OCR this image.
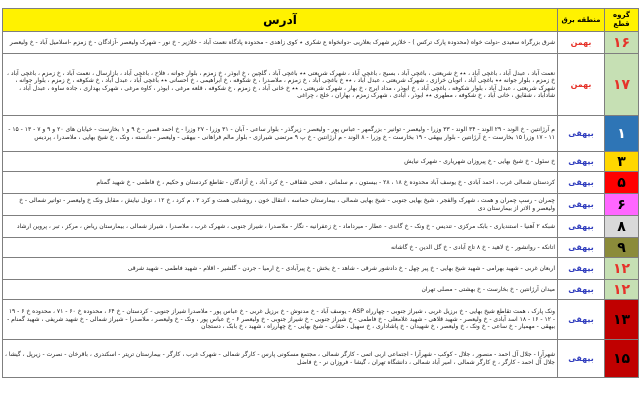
گروه قطع	منطقه برق	آدرس
۱۶	بهمن	شرق بزرگراه سعیدی -دولت خواه (محدوده پارک ترکس ) - خلازیر شهرک بعلاربی -دوانخواه ع شکری ٭ کوی زاهدی - محدوده پادگاه نعمت آباد - خلازیر - خ نور - شهرک ولیعصر -آزادگان - خ زمزم -اسلامیل آباد - خ ولیعصر
۱۷	بهمن	نعمت آباد ، عبدل آباد ، باغچی آباد ، ٭٭ خ شریعتی ، باغچی آباد ، بسیج ، باغچی آباد ، شهرک شریعتی ٭٭ باغچی آباد ، گلچین ، خ ابوذر ، خ زمزم ، بلوار جوانه ، فلاح ، باغچی آباد ، بازارسال ، نعمت آباد ، خ زمزم ، باغچی آباد ، خ زمزم ، بلوار جوانه ٭٭ باغچی آباد ، اتوبان خرازی ، شهرک شریعتی ، عبدل آباد ، ٭٭ خ باغچی آباد ، خ زمزم ، ملاصدرا ، خ شکوفه ، خ ابراهیمی ، خ احسانی ٭٭ باغچی آباد ، عبدل آباد ، خ شکوفه ، خ زمزم ، بلوار جوانه ، شهرک شریعتی ، عبدل آباد ، بلوار شکوفه ، باغچی آباد ، خ ابوذر ، مداد ایرج ، خ بهار ، شهرک شریعتی ، ٭٭ خ خانی آباد ، خ زمزم ، خ شکوفه ، قلعه مرغی ، ابوذر ، کاوه مرغی ، شهرک بهداری ، جاده ساوه ، عبدل آباد ، شادآباد ، شقایق ، خانی آباد ، خ شکوفه ، مطهری ٭٭ ابوذر ، آبادی ، شهرک زمزم ، بهاران ، خلج ، چراغی
۱	بیهقی	م آرژانتین - خ الوند - ۲۹ الوند - ۳۴ الوند - ۳۳ وزرا - ولیعصر - توانیر - بزرگمهر - عباس پور - ولیعصر - زیرگذر - بلوار ساعی - آبان - ۳۱ وزرا - ۲۷ وزرا - خ احمد قصیر - خ ۹ و ۱ بخارست - خیابان های ۲۰ و ۹ و ۷ - ۱۳ - ۱۵ - ۱۱ - ۱۷ وزرا ۱۵ بخارست - خ آرژانتین - بلوار بیهقی - ۱۹ بخارست - خ وزرا - ۸ الوند - م آرژانتین - خ پ ۹ مرتضی شیرازی - بلوار مالم فراهانی - بیهقی - ولیعصر - دانسته ، ونک ، خ شیخ بهایی ، ملاصدرا ، پردیس
۳	بیهقی	خ سئول - خ شیخ بهایی - خ پیروزان شهریاری - شهرک نیایش
۵	بیهقی	کردستان شمالی غرب ، احمد آبادی - خ یوسف آباد محدوده خ ۱۸ ، ۲۸ - بیستون ، م سلمانی ، فتحی شقاقی - خ کرد آباد ، خ آزادگان - تقاطع کردستان و حکیم ، خ فاطمی - خ شهید گمنام
۶	بیهقی	چمران - رسپ چمران و همت ، شهرک والفجر ، شیخ بهایی جنوبی - شیخ بهایی شمالی ، بیمارستان حماسه ، انتقال خون ، روشنایی همت و کرد ۲ ، م کرد ، خ ۱۲ ، تونل نیایش ، مقابل ونک خ ولیعصر - توانیر شمالی - خ ولیعصر و الاتر از بیمارستان دی
۸	بیهقی	شبکه ۲ آهنیا - استندیاری - بابک مرکزی - تندیس - خ ونک - خ گاندی - عطار - میرداماد - خ زعفرانیه - نگار - ملاصدرا ، شیراز جنوبی ، شهرک غرب ، ملاصدرا ، شیراز شمالی ، بیمارستان ریاض ، مرکز ، تبر ، پروین ارشاد
۹	بیهقی	اتانکه - روانشور - خ لاهید - خ ۸ تاج آبادی - خ گل الدین - خ گاشانه
۱۲	بیهقی	اربعان غربی - شهید بهرامی - شهید شیخ بهایی - خ پیر چهل - خ دادشور شرقی - شاهد - خ بخش - خ پیرآبادی - خ ارمیا - جردن - گلشیر - اقلام - شهید فاطمی - شهید شرقی
۱۲	بیهقی	میدان آرژانتین - خ بخارست - خ بهشتی - مصلی تهران
۱۳	بیهقی	ونک پارک ، همت تقاطع شیخ بهایی - خ برزیل غربی ، شیراز جنوبی - چهارراه ASP - یوسف آباد - خ مدنوش - خ برزیل غربی - خ عباس پور - ملاصدرا شیراز جنوبی - کردستان - خ ۶۴ ، محدوده خ ۶۰ - ۷۱ ، محدوده خ ۶ - ۱۹ - ۱۲ - ۱۶ - ۱۸ اسد آبادی - خ ولیعصر - شهید قلاهی - شهید غلامعلی - خ فاطمی - خ شیراز جنوبی - خ شیراز جنوبی - خ ولیعصر ۶ - خ عباس پور ، ونک - خ ولیعصر ، ملاصدرا - شیراز شمالی - خ شهید شریفی ، شهید گمنام - بیهقی - مهمیار - خ ساعی - خ ونک ، خ ولیعصر ، خ شهیدان - خ پاشاداری ، خ سهیل ، حقانی - شیخ بهایی - خ چهارراه ، شهید ، خ بابک ، دستجان
۱۵	بیهقی	شهرآرا - جلال آل احمد - منصور ، جلال - کوکب - شهرآرا - اجتماعی اربی اتمی - کارگر شمالی ، مجتمع مسکونی پارس - کارگر شمالی - شهرک غرب ، کارگر - بیمارستان تریتر - اسکندری ، باقرخان - نصرت - زیرپل ، گیشا ، جلال آل احمد - کارگر ، خ کارگر شمالی ، امیر آباد شمالی ، دانشگاه تهران ، گیشا - فروزان نر - خ فاضل
